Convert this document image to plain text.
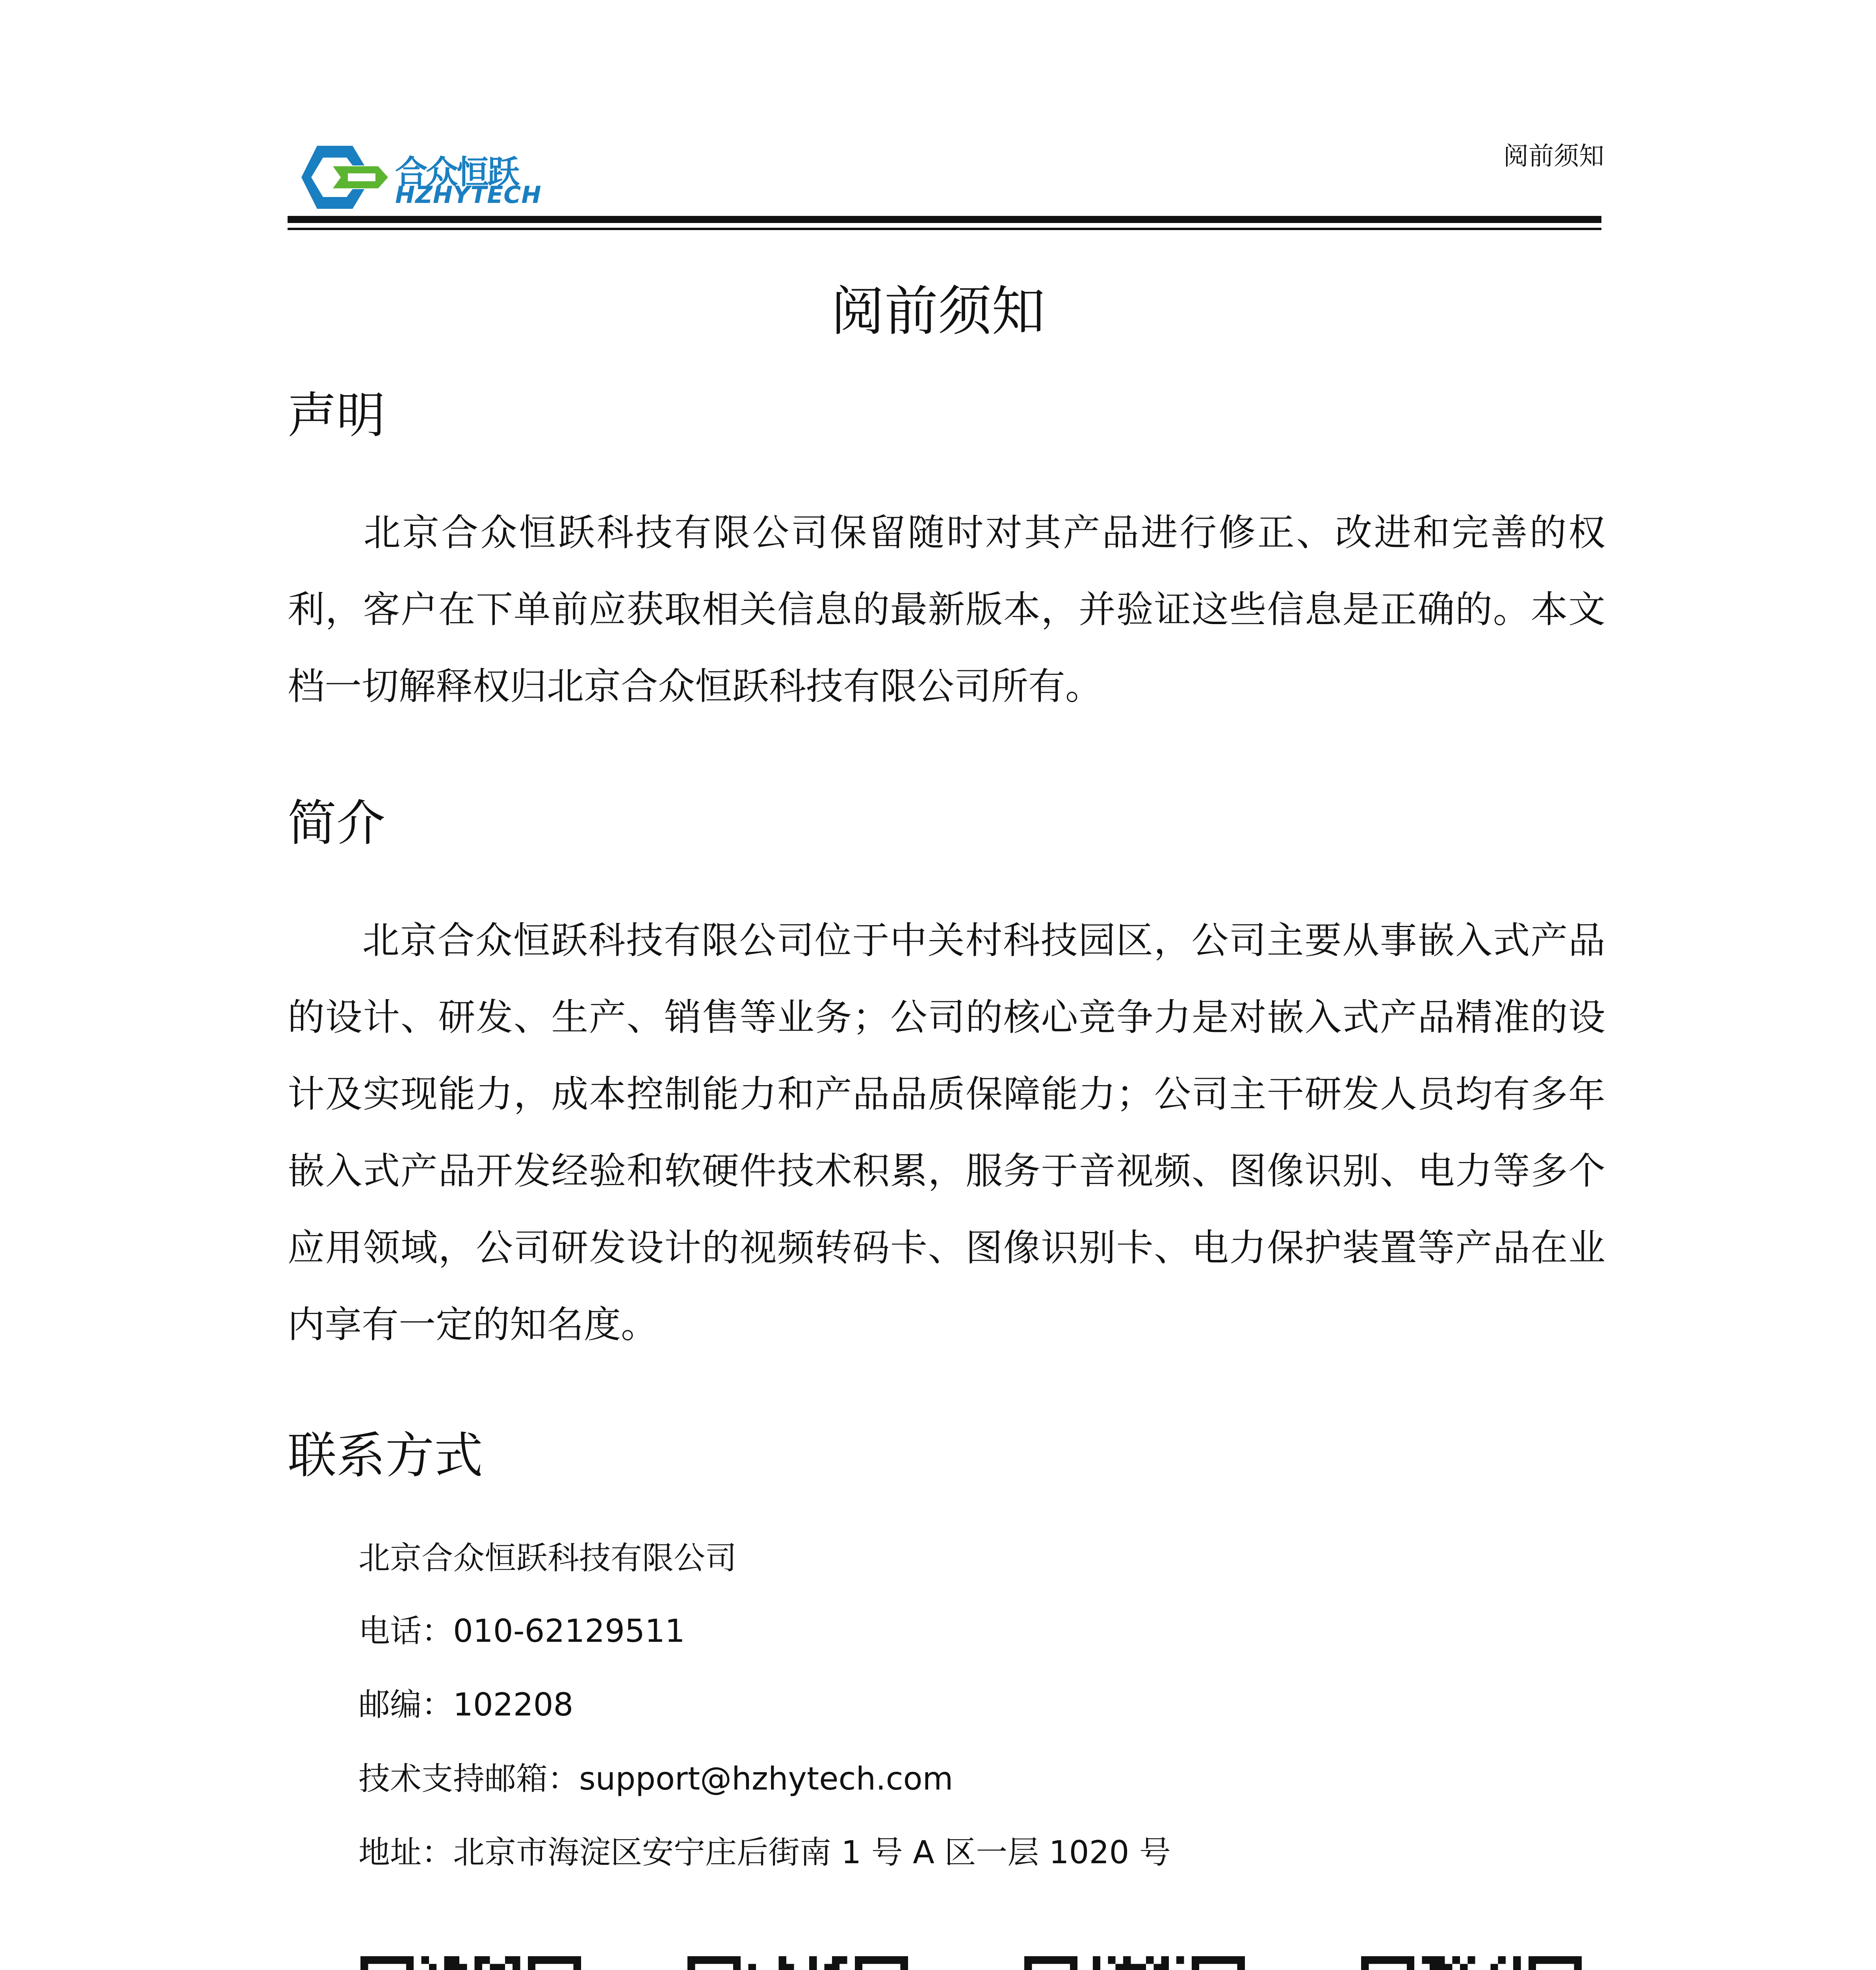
合众恒跃
HZHYTECH
阅前须知
阅前须知
声明

北京合众恒跃科技有限公司保留随时对其产品进行修正、改进和完善的权利，客户在下单前应获取相关信息的最新版本，并验证这些信息是正确的。本文档一切解释权归北京合众恒跃科技有限公司所有。

简介

北京合众恒跃科技有限公司位于中关村科技园区，公司主要从事嵌入式产品的设计、研发、生产、销售等业务；公司的核心竞争力是对嵌入式产品精准的设计及实现能力，成本控制能力和产品品质保障能力；公司主干研发人员均有多年嵌入式产品开发经验和软硬件技术积累，服务于音视频、图像识别、电力等多个应用领域，公司研发设计的视频转码卡、图像识别卡、电力保护装置等产品在业内享有一定的知名度。

联系方式
北京合众恒跃科技有限公司
电话：010-62129511
邮编：102208
技术支持邮箱：support@hzhytech.com
地址：北京市海淀区安宁庄后街南 1 号 A 区一层 1020 号
